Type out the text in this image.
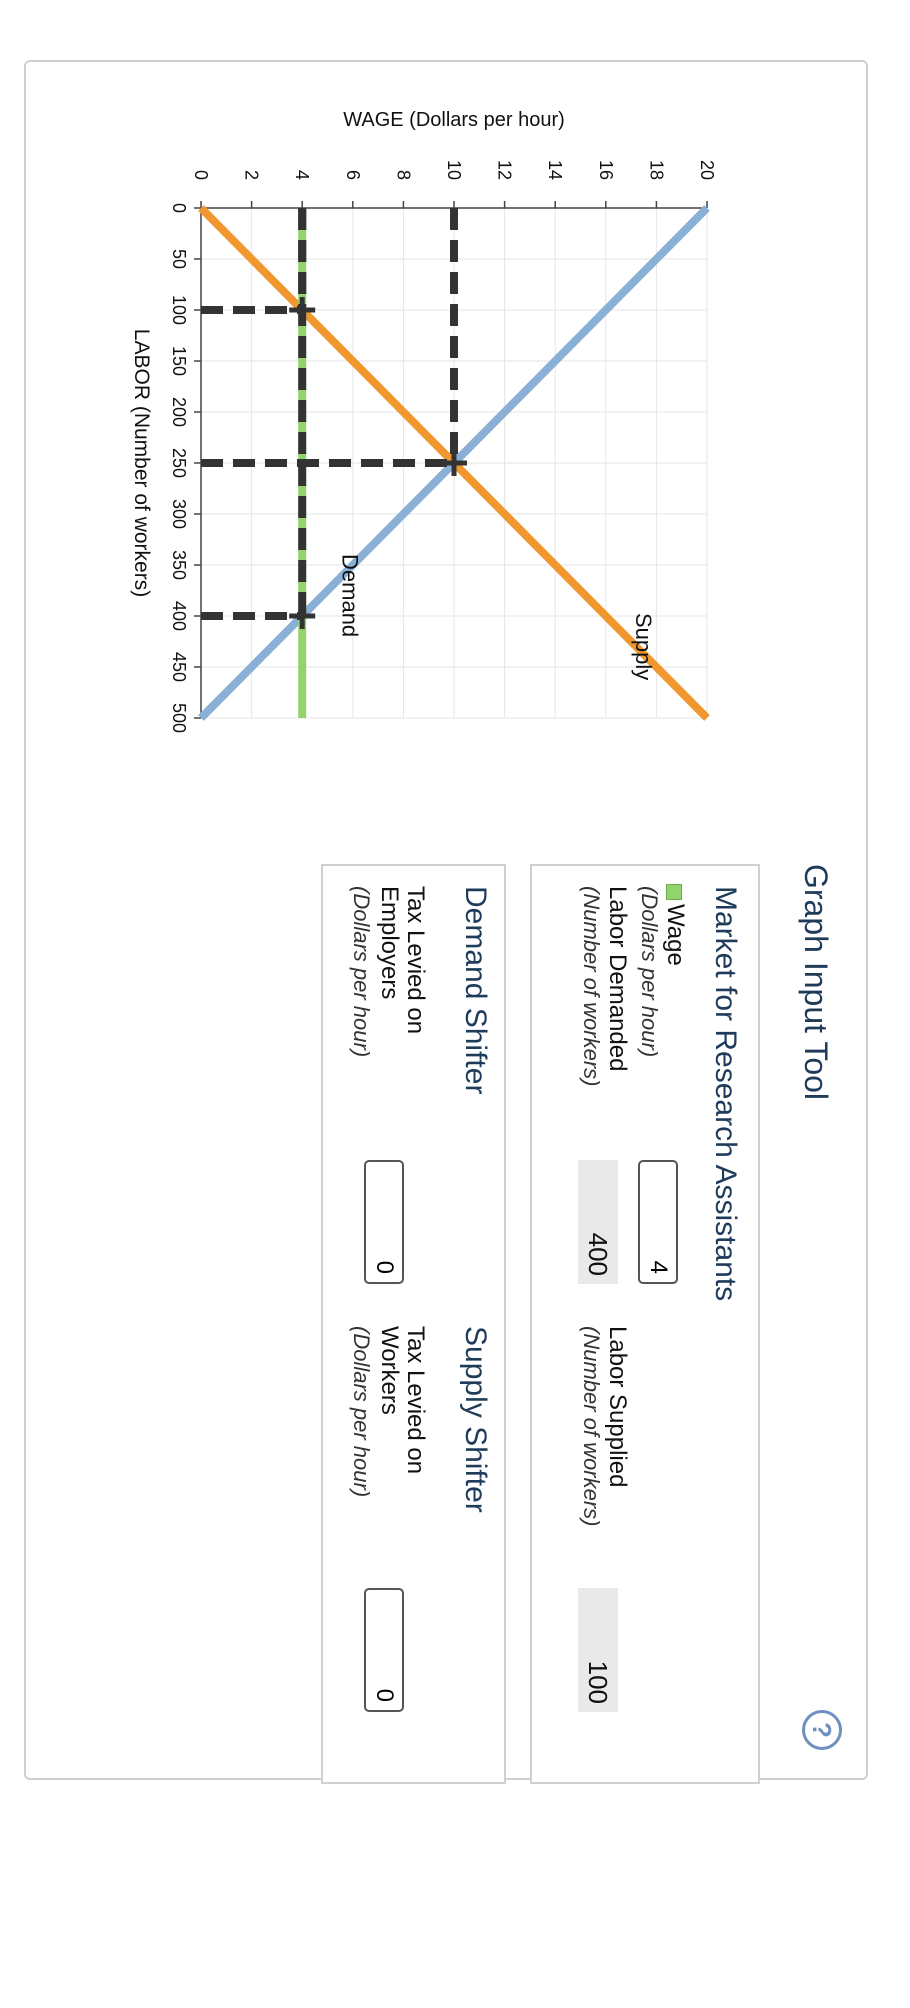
0
50
100
150
200
250
300
350
400
450
500
0 2 4 6 8 10 12 14 16 18 20
WAGE (Dollars per hour)
LABOR (Number of workers)
Supply
Demand
Graph Input Tool
?
Market for Research Assistants
Wage
(Dollars per hour)
4
Labor Demanded
(Number of workers)
400
Labor Supplied
(Number of workers)
100
Demand Shifter
Tax Levied on Employers
(Dollars per hour)
0
Supply Shifter
Tax Levied on Workers
(Dollars per hour)
0
